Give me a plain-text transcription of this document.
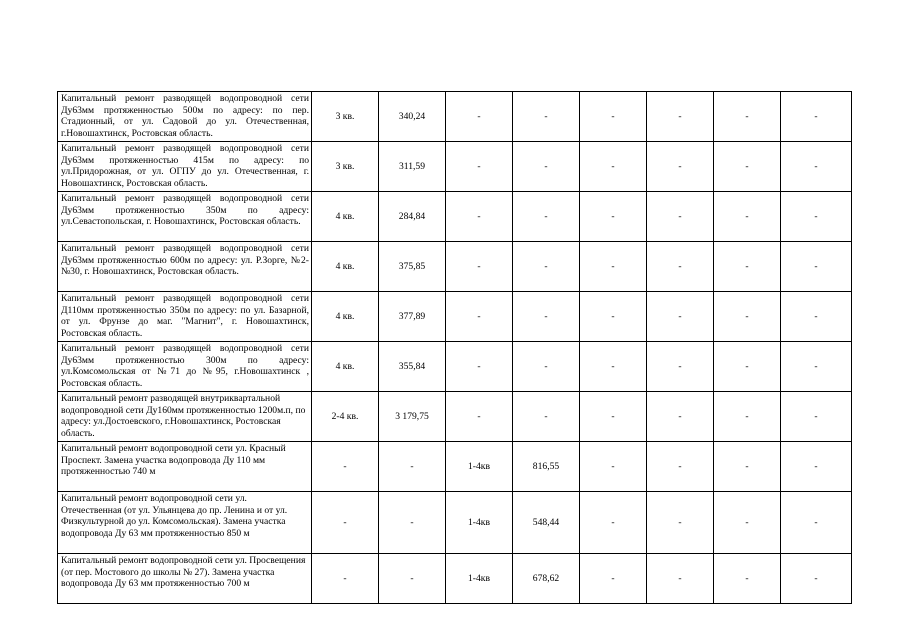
Капитальный ремонт разводящей водопроводной сети Ду63мм протяженностью 500м по адресу: по пер. Стадионный, от ул. Садовой до ул. Отечественная, г.Новошахтинск, Ростовская область.	3 кв.	340,24	-	-	-	-	-	-
Капитальный ремонт разводящей водопроводной сети Ду63мм протяженностью 415м по адресу: по ул.Придорожная, от ул. ОГПУ до ул. Отечественная, г. Новошахтинск, Ростовская область.	3 кв.	311,59	-	-	-	-	-	-
Капитальный ремонт разводящей водопроводной сети Ду63мм протяженностью 350м по адресу: ул.Севастопольская, г. Новошахтинск, Ростовская область.	4 кв.	284,84	-	-	-	-	-	-
Капитальный ремонт разводящей водопроводной сети Ду63мм протяженностью 600м по адресу: ул. Р.Зорге, №2-№30, г. Новошахтинск, Ростовская область.	4 кв.	375,85	-	-	-	-	-	-
Капитальный ремонт разводящей водопроводной сети Д110мм протяженностью 350м по адресу: по ул. Базарной, от ул. Фрунзе до маг. "Магнит", г. Новошахтинск, Ростовская область.	4 кв.	377,89	-	-	-	-	-	-
Капитальный ремонт разводящей водопроводной сети Ду63мм протяженностью 300м по адресу: ул.Комсомольская от №71 до №95, г.Новошахтинск , Ростовская область.	4 кв.	355,84	-	-	-	-	-	-
Капитальный ремонт разводящей внутриквартальной водопроводной сети Ду160мм протяженностью 1200м.п, по адресу: ул.Достоевского, г.Новошахтинск, Ростовская область.	2-4 кв.	3 179,75	-	-	-	-	-	-
Капитальный ремонт водопроводной сети ул. Красный Проспект. Замена участка водопровода Ду 110 мм протяженностью 740 м	-	-	1-4кв	816,55	-	-	-	-
Капитальный ремонт водопроводной сети ул. Отечественная (от ул. Ульянцева до пр. Ленина и от ул. Физкультурной до ул. Комсомольская). Замена участка водопровода Ду 63 мм протяженностью 850 м	-	-	1-4кв	548,44	-	-	-	-
Капитальный ремонт водопроводной сети ул. Просвещения (от пер. Мостового до школы № 27). Замена участка водопровода Ду 63 мм протяженностью 700 м	-	-	1-4кв	678,62	-	-	-	-
